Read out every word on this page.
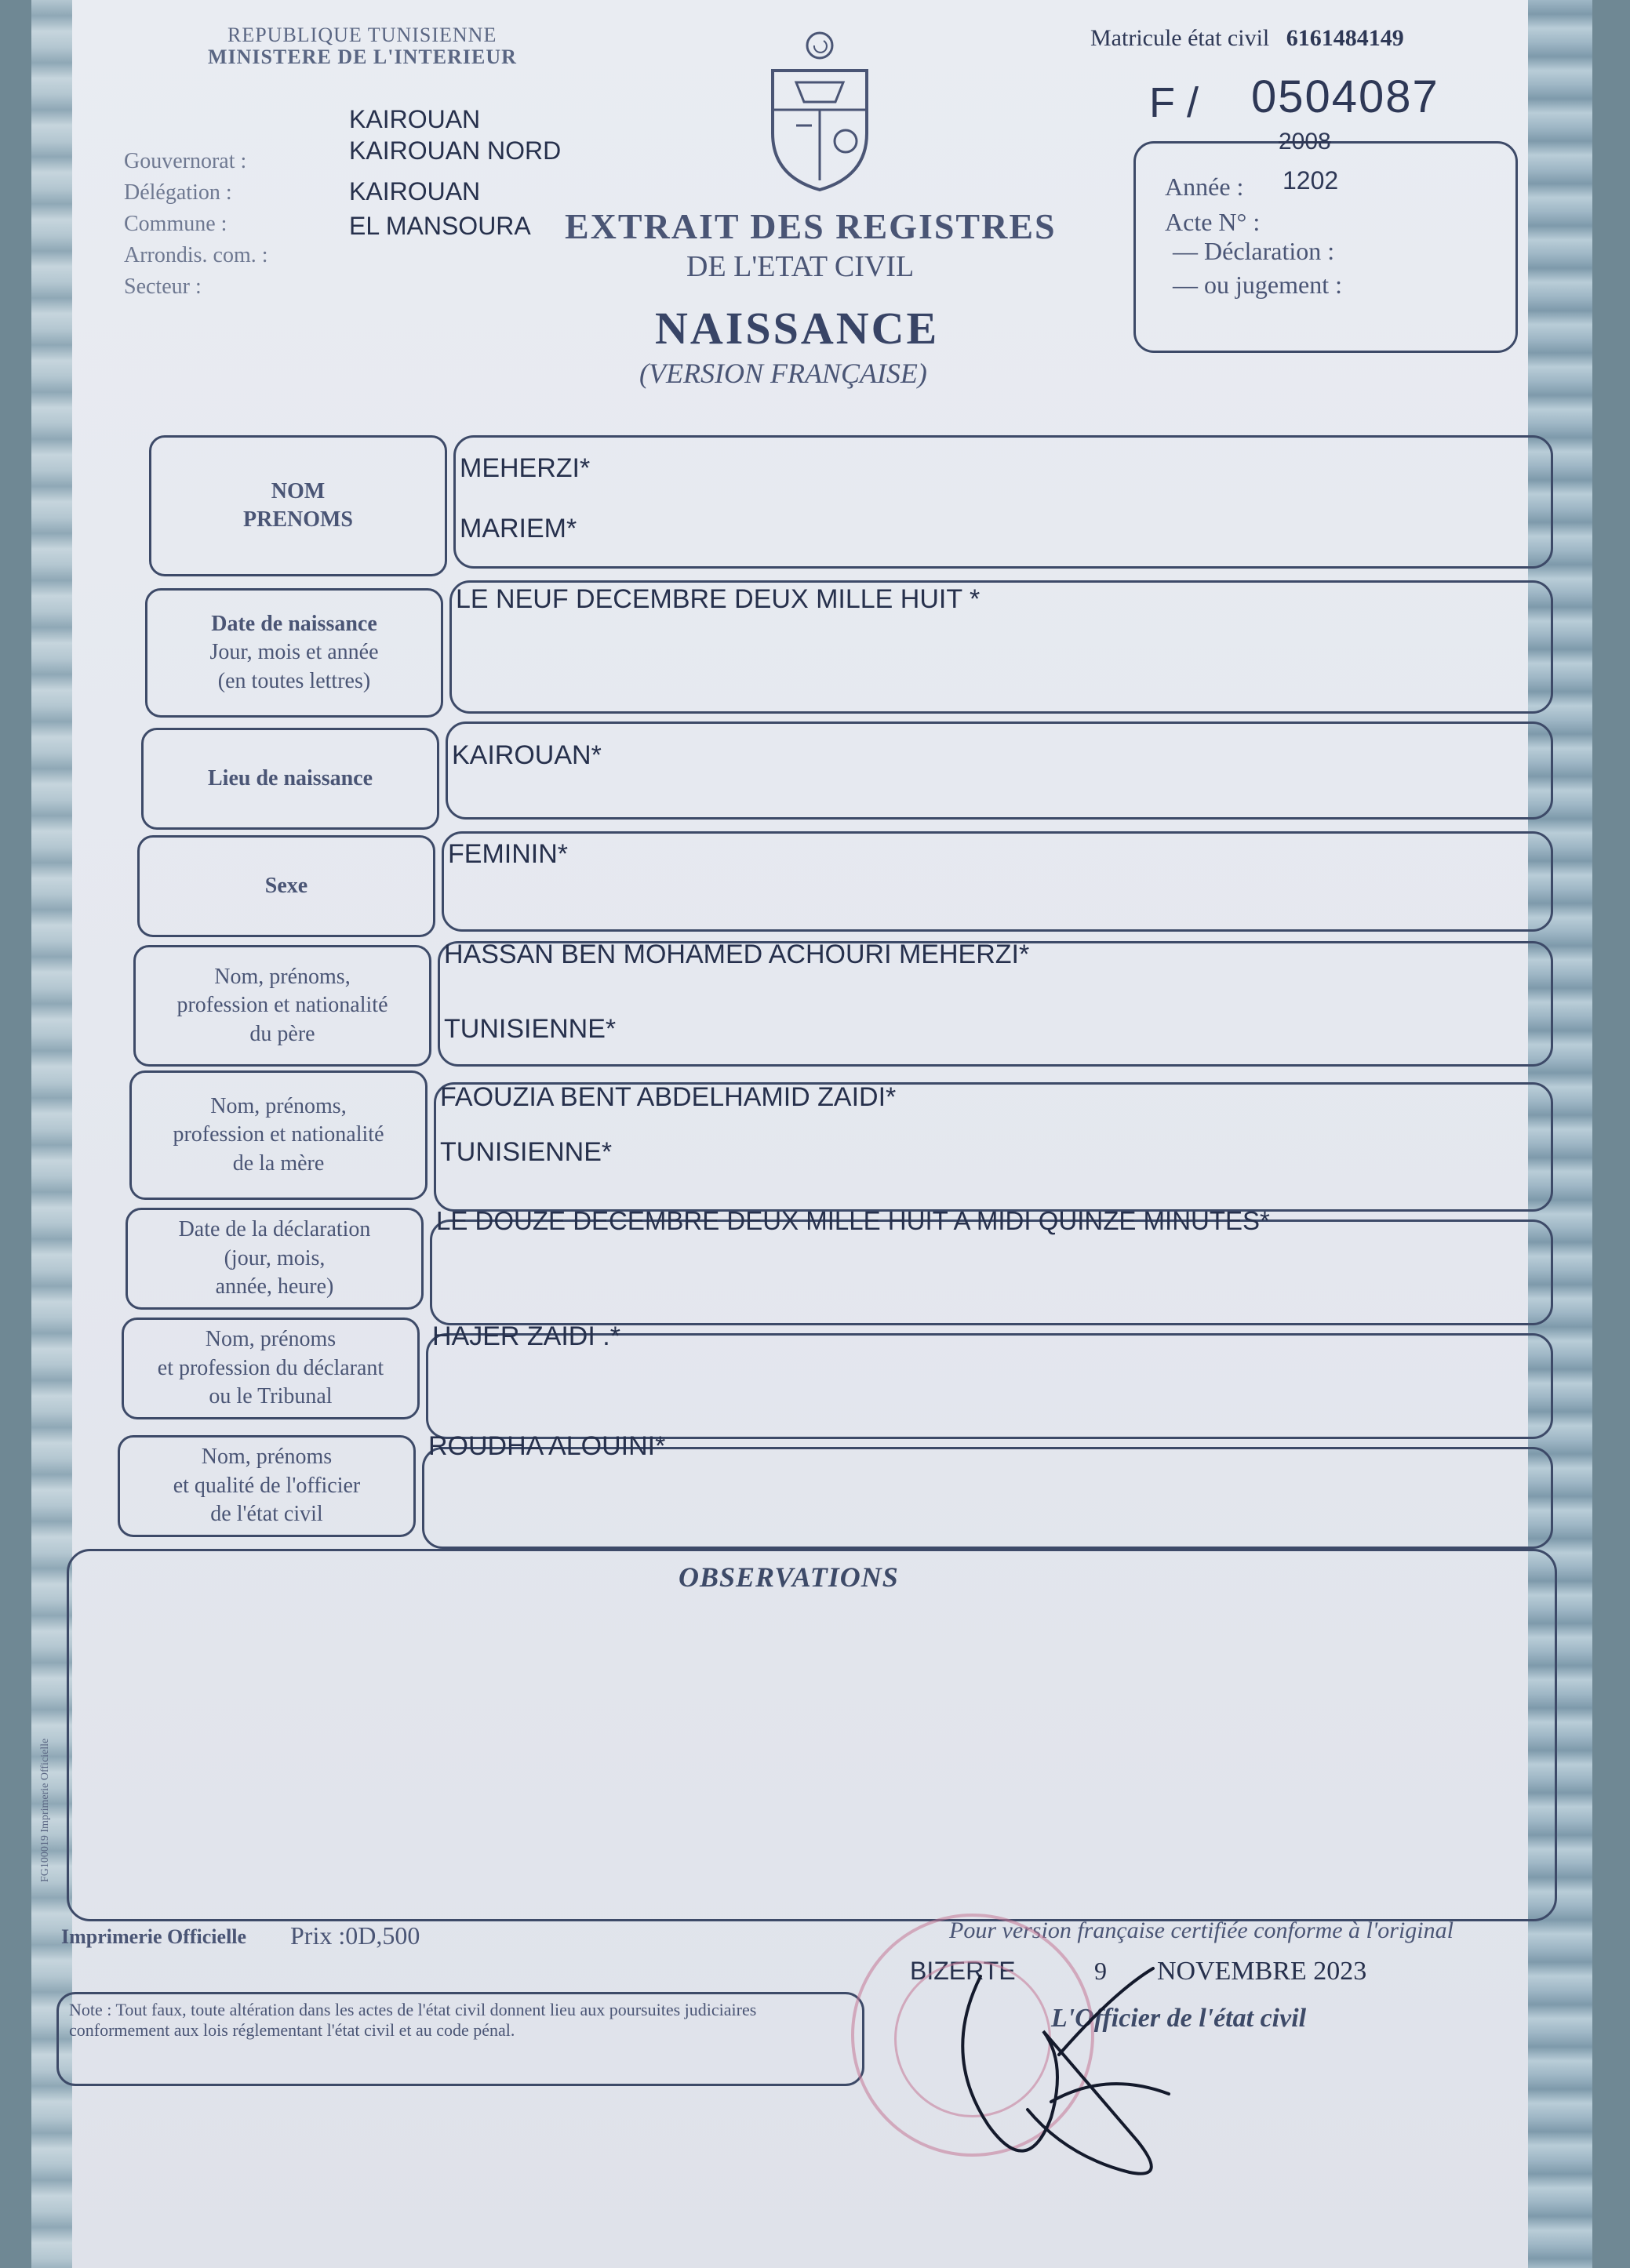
REPUBLIQUE TUNISIENNE
MINISTERE DE L'INTERIEUR
Matricule état civil 6161484149
F / 0504087
Gouvernorat :
Délégation :
Commune :
Arrondis. com. :
Secteur :
KAIROUAN
KAIROUAN NORD
KAIROUAN
EL MANSOURA EXTRAIT DES REGISTRES
DE L'ETAT CIVIL
NAISSANCE
(VERSION FRANÇAISE)
2008
Année : 1202
Acte N° :
— Déclaration :
— ou jugement :
NOM
PRENOMS
MEHERZI*
MARIEM*
Date de naissance
Jour, mois et année
(en toutes lettres)
LE NEUF DECEMBRE DEUX MILLE HUIT *
Lieu de naissance
KAIROUAN*
Sexe
FEMININ*
Nom, prénoms,
profession et nationalité
du père
HASSAN BEN MOHAMED ACHOURI MEHERZI*
TUNISIENNE*
Nom, prénoms,
profession et nationalité
de la mère
FAOUZIA BENT ABDELHAMID ZAIDI*
TUNISIENNE*
Date de la déclaration
(jour, mois,
année, heure)
LE DOUZE DECEMBRE DEUX MILLE HUIT A MIDI QUINZE MINUTES*
Nom, prénoms
et profession du déclarant
ou le Tribunal
HAJER ZAIDI .*
Nom, prénoms
et qualité de l'officier
de l'état civil
ROUDHA ALOUINI*
OBSERVATIONS
Imprimerie Officielle Prix :0D,500	Pour version française certifiée conforme à l'original
BIZERTE	9 NOVEMBRE 2023
L'Officier de l'état civil
Note : Tout faux, toute altération dans les actes de l'état civil donnent lieu aux poursuites judiciaires conformement aux lois réglementant l'état civil et au code pénal.
FG100019 Imprimerie Officielle
